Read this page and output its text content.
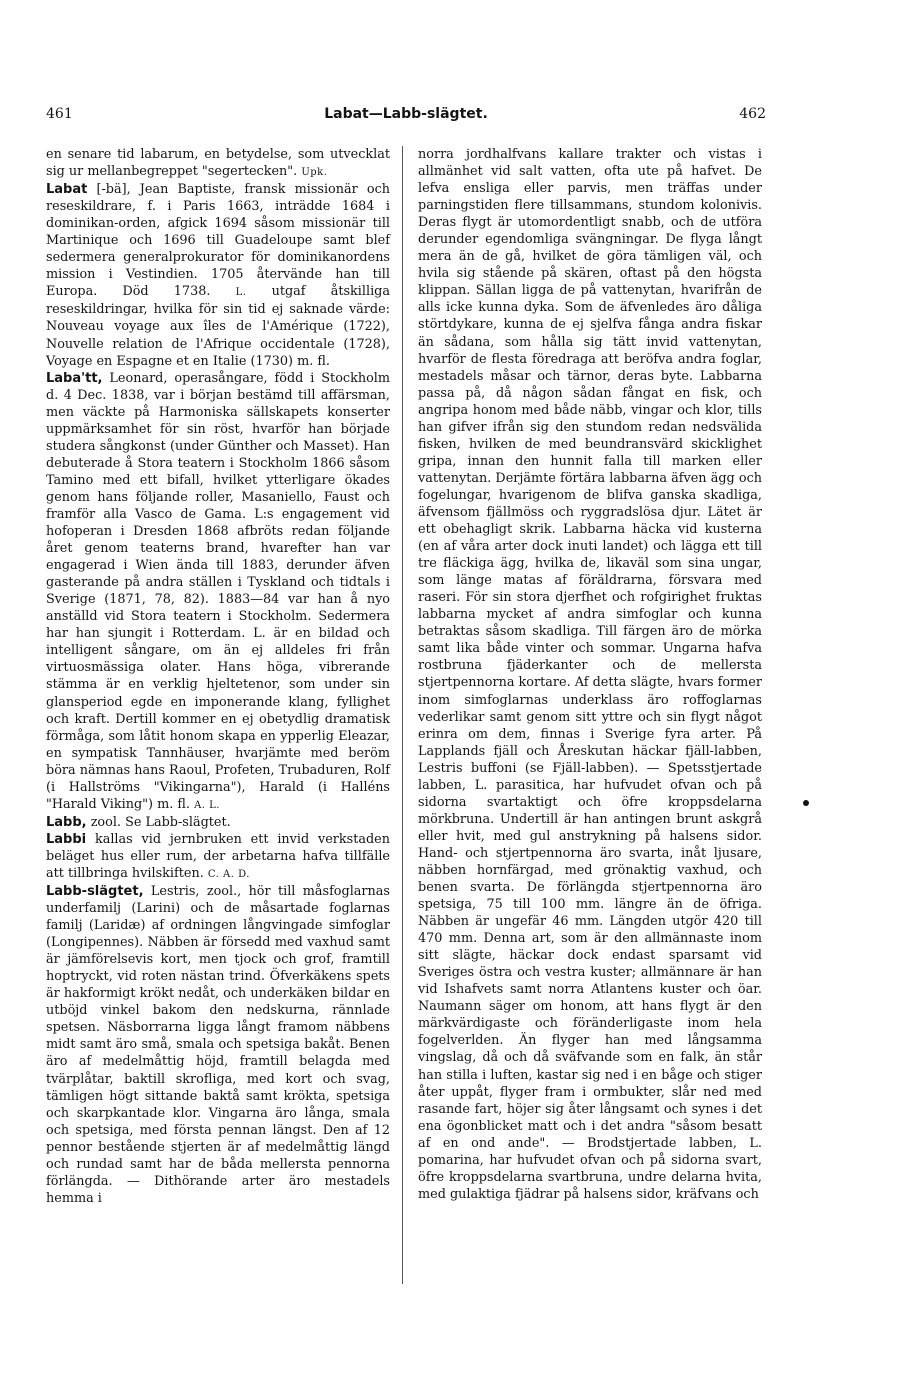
461	Labat—Labb-slägtet.	462

en senare tid labarum, en betydelse, som utvecklat sig ur mellanbegreppet "segertecken". Upk.

Labat [-bä], Jean Baptiste, fransk missionär och reseskildrare, f. i Paris 1663, inträdde 1684 i dominikan-orden, afgick 1694 såsom missionär till Martinique och 1696 till Guadeloupe samt blef sedermera generalprokurator för dominikanordens mission i Vestindien. 1705 återvände han till Europa. Död 1738.	L. utgaf åtskilliga reseskildringar, hvilka för sin tid ej saknade värde: Nouveau voyage aux îles de l'Amérique (1722), Nouvelle relation de l'Afrique occidentale (1728), Voyage en Espagne et en Italie (1730) m. fl.

Laba'tt, Leonard, operasångare, född i Stockholm d. 4 Dec. 1838, var i början bestämd till affärsman, men väckte på Harmoniska sällskapets konserter uppmärksamhet för sin röst, hvarför han började studera sångkonst (under Günther och Masset). Han debuterade å Stora teatern i Stockholm 1866 såsom Tamino med ett bifall, hvilket ytterligare ökades genom hans följande roller, Masaniello, Faust och framför alla Vasco de Gama. L:s engagement vid hofoperan i Dresden 1868 afbröts redan följande året genom teaterns brand, hvarefter han var engagerad i Wien ända till 1883, derunder äfven gasterande på andra ställen i Tyskland och tidtals i Sverige (1871, 78, 82). 1883—84 var han å nyo anställd vid Stora teatern i Stockholm. Sedermera har han sjungit i Rotterdam. L. är en bildad och intelligent sångare, om än ej alldeles fri från virtuosmässiga olater. Hans höga, vibrerande stämma är en verklig hjeltetenor, som under sin glansperiod egde en imponerande klang, fyllighet och kraft. Dertill kommer en ej obetydlig dramatisk förmåga, som låtit honom skapa en ypperlig Eleazar, en sympatisk Tannhäuser, hvarjämte med beröm böra nämnas hans Raoul, Profeten, Trubaduren, Rolf (i Hallströms "Vikingarna"), Harald (i Halléns "Harald Viking") m. fl. A. L.

Labb, zool. Se Labb-slägtet.

Labbi kallas vid jernbruken ett invid verkstaden beläget hus eller rum, der arbetarna hafva tillfälle att tillbringa hvilskiften. C. A. D.

Labb-slägtet, Lestris, zool., hör till måsfoglarnas underfamilj (Larini) och de måsartade foglarnas familj (Laridæ) af ordningen långvingade simfoglar (Longipennes). Näbben är försedd med vaxhud samt är jämförelsevis kort, men tjock och grof, framtill hoptryckt, vid roten nästan trind. Öfverkäkens spets är hakformigt krökt nedåt, och underkäken bildar en utböjd vinkel bakom den nedskurna, rännlade spetsen. Näsborrarna ligga långt framom näbbens midt samt äro små, smala och spetsiga bakåt. Benen äro af medelmåttig höjd, framtill belagda med tvärplåtar, baktill skrofliga, med kort och svag, tämligen högt sittande baktå samt krökta, spetsiga och skarpkantade klor. Vingarna äro långa, smala och spetsiga, med första pennan längst. Den af 12 pennor bestående stjerten är af medelmåttig längd och rundad samt har de båda mellersta pennorna förlängda. — Dithörande arter äro mestadels hemma i

norra jordhalfvans kallare trakter och vistas i allmänhet vid salt vatten, ofta ute på hafvet. De lefva ensliga eller parvis, men träffas under parningstiden flere tillsammans, stundom kolonivis. Deras flygt är utomordentligt snabb, och de utföra derunder egendomliga svängningar. De flyga långt mera än de gå, hvilket de göra tämligen väl, och hvila sig stående på skären, oftast på den högsta klippan. Sällan ligga de på vattenytan, hvarifrån de alls icke kunna dyka. Som de äfvenledes äro dåliga störtdykare, kunna de ej sjelfva fånga andra fiskar än sådana, som hålla sig tätt invid vattenytan, hvarför de flesta föredraga att beröfva andra foglar, mestadels måsar och tärnor, deras byte. Labbarna passa på, då någon sådan fångat en fisk, och angripa honom med både näbb, vingar och klor, tills han gifver ifrån sig den stundom redan nedsvälida fisken, hvilken de med beundransvärd skicklighet gripa, innan den hunnit falla till marken eller vattenytan. Derjämte förtära labbarna äfven ägg och fogelungar, hvarigenom de blifva ganska skadliga, äfvensom fjällmöss och ryggradslösa djur. Lätet är ett obehagligt skrik. Labbarna häcka vid kusterna (en af våra arter dock inuti landet) och lägga ett till tre fläckiga ägg, hvilka de, likaväl som sina ungar, som länge matas af föräldrarna, försvara med raseri. För sin stora djerfhet och rofgirighet fruktas labbarna mycket af andra simfoglar och kunna betraktas såsom skadliga. Till färgen äro de mörka samt lika både vinter och sommar. Ungarna hafva rostbruna fjäderkanter och de mellersta stjertpennorna kortare. Af detta slägte, hvars former inom simfoglarnas underklass äro roffoglarnas vederlikar samt genom sitt yttre och sin flygt något erinra om dem, finnas i Sverige fyra arter. På Lapplands fjäll och Åreskutan häckar fjäll-labben, Lestris buffoni (se Fjäll-labben). — Spetsstjertade labben, L. parasitica, har hufvudet ofvan och på sidorna svartaktigt och öfre kroppsdelarna mörkbruna. Undertill är han antingen brunt askgrå eller hvit, med gul anstrykning på halsens sidor. Hand- och stjertpennorna äro svarta, inåt ljusare, näbben hornfärgad, med grönaktig vaxhud, och benen svarta. De förlängda stjertpennorna äro spetsiga, 75 till 100 mm. längre än de öfriga. Näbben är ungefär 46 mm. Längden utgör 420 till 470 mm. Denna art, som är den allmännaste inom sitt slägte, häckar dock endast sparsamt vid Sveriges östra och vestra kuster; allmännare är han vid Ishafvets samt norra Atlantens kuster och öar. Naumann säger om honom, att hans flygt är den märkvärdigaste och föränderligaste inom hela fogelverlden. Än flyger han med långsamma vingslag, då och då sväfvande som en falk, än står han stilla i luften, kastar sig ned i en båge och stiger åter uppåt, flyger fram i ormbukter, slår ned med rasande fart, höjer sig åter långsamt och synes i det ena ögonblicket matt och i det andra "såsom besatt af en ond ande". — Brodstjertade labben, L. pomarina, har hufvudet ofvan och på sidorna svart, öfre kroppsdelarna svartbruna, undre delarna hvita, med gulaktiga fjädrar på halsens sidor, kräfvans och
